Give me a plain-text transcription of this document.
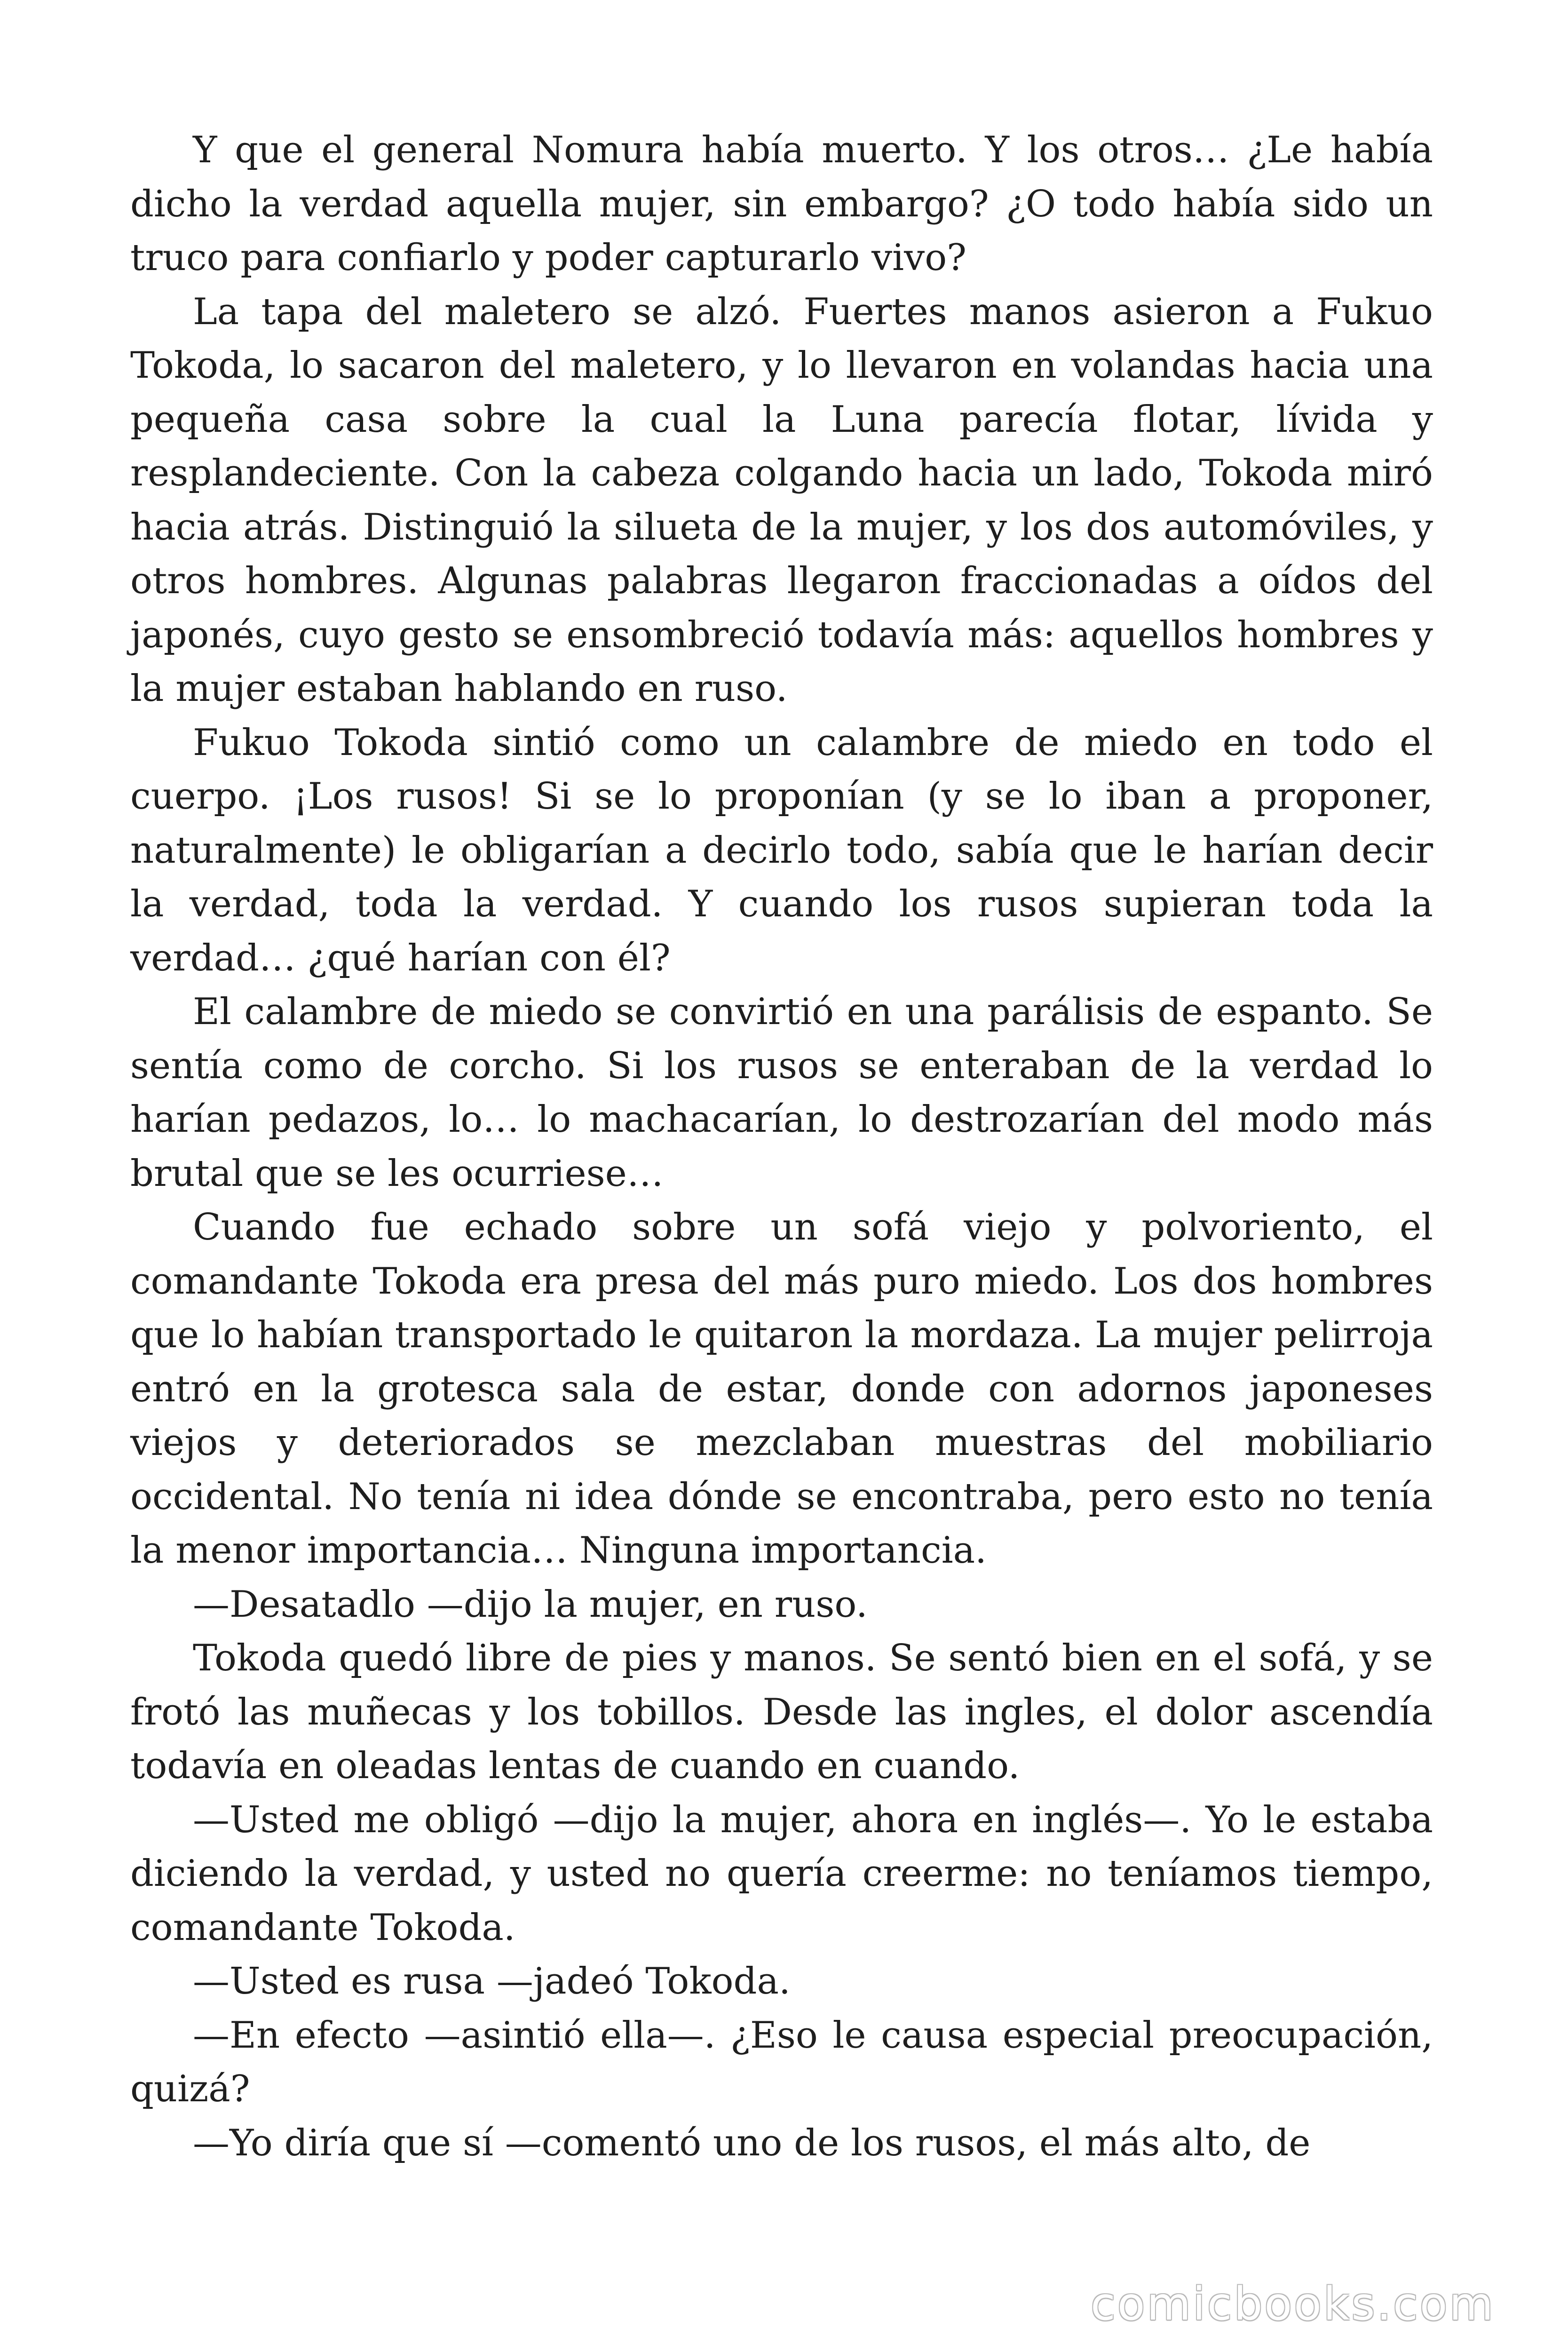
Y que el general Nomura había muerto. Y los otros… ¿Le había dicho la verdad aquella mujer, sin embargo? ¿O todo había sido un truco para confiarlo y poder capturarlo vivo?

La tapa del maletero se alzó. Fuertes manos asieron a Fukuo Tokoda, lo sacaron del maletero, y lo llevaron en volandas hacia una pequeña casa sobre la cual la Luna parecía flotar, lívida y resplandeciente. Con la cabeza colgando hacia un lado, Tokoda miró hacia atrás. Distinguió la silueta de la mujer, y los dos automóviles, y otros hombres. Algunas palabras llegaron fraccionadas a oídos del japonés, cuyo gesto se ensombreció todavía más: aquellos hombres y la mujer estaban hablando en ruso.

Fukuo Tokoda sintió como un calambre de miedo en todo el cuerpo. ¡Los rusos! Si se lo proponían (y se lo iban a proponer, naturalmente) le obligarían a decirlo todo, sabía que le harían decir la verdad, toda la verdad. Y cuando los rusos supieran toda la verdad… ¿qué harían con él?

El calambre de miedo se convirtió en una parálisis de espanto. Se sentía como de corcho. Si los rusos se enteraban de la verdad lo harían pedazos, lo… lo machacarían, lo destrozarían del modo más brutal que se les ocurriese…

Cuando fue echado sobre un sofá viejo y polvoriento, el comandante Tokoda era presa del más puro miedo. Los dos hombres que lo habían transportado le quitaron la mordaza. La mujer pelirroja entró en la grotesca sala de estar, donde con adornos japoneses viejos y deteriorados se mezclaban muestras del mobiliario occidental. No tenía ni idea dónde se encontraba, pero esto no tenía la menor importancia… Ninguna importancia.

—Desatadlo —dijo la mujer, en ruso.

Tokoda quedó libre de pies y manos. Se sentó bien en el sofá, y se frotó las muñecas y los tobillos. Desde las ingles, el dolor ascendía todavía en oleadas lentas de cuando en cuando.

—Usted me obligó —dijo la mujer, ahora en inglés—. Yo le estaba diciendo la verdad, y usted no quería creerme: no teníamos tiempo, comandante Tokoda.

—Usted es rusa —jadeó Tokoda.

—En efecto —asintió ella—. ¿Eso le causa especial preocupación, quizá?

—Yo diría que sí —comentó uno de los rusos, el más alto, de

comicbooks.com
